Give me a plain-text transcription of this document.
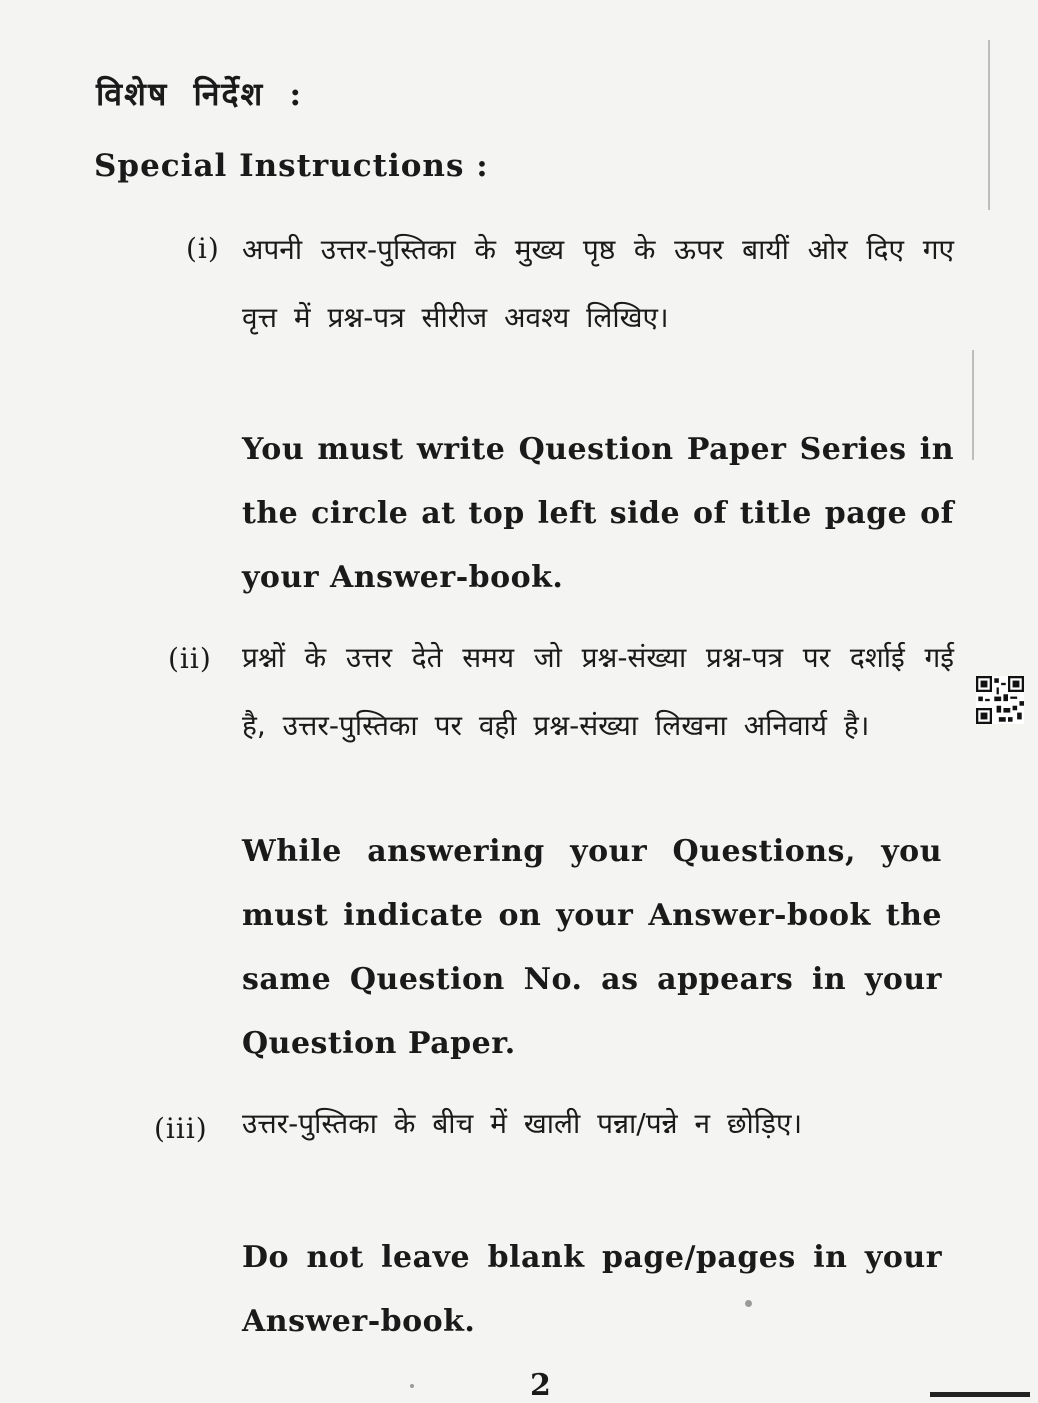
विशेष निर्देश :
Special Instructions :
(i) अपनी उत्तर-पुस्तिका के मुख्य पृष्ठ के ऊपर बायीं ओर दिए गए वृत्त में प्रश्न-पत्र सीरीज अवश्य लिखिए।
You must write Question Paper Series in the circle at top left side of title page of your Answer-book.
(ii) प्रश्नों के उत्तर देते समय जो प्रश्न-संख्या प्रश्न-पत्र पर दर्शाई गई है, उत्तर-पुस्तिका पर वही प्रश्न-संख्या लिखना अनिवार्य है।
While answering your Questions, you must indicate on your Answer-book the same Question No. as appears in your Question Paper.
(iii) उत्तर-पुस्तिका के बीच में खाली पन्ना/पन्ने न छोड़िए।
Do not leave blank page/pages in your Answer-book.
2
